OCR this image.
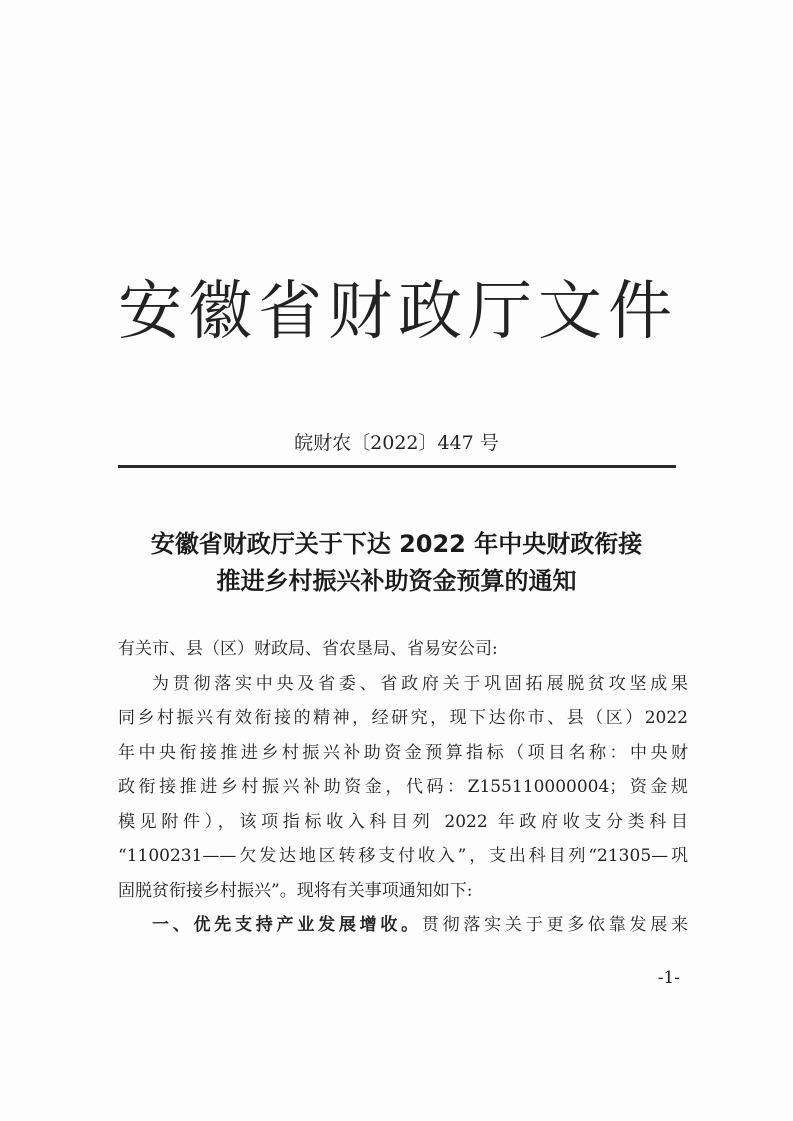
安徽省财政厅文件
皖财农〔2022〕447 号
安徽省财政厅关于下达 2022 年中央财政衔接
推进乡村振兴补助资金预算的通知

有关市、县（区）财政局、省农垦局、省易安公司:

为贯彻落实中央及省委、省政府关于巩固拓展脱贫攻坚成果

同乡村振兴有效衔接的精神，经研究，现下达你市、县（区）2022

年中央衔接推进乡村振兴补助资金预算指标（项目名称：中央财

政衔接推进乡村振兴补助资金，代码：Z155110000004；资金规

模见附件），该项指标收入科目列 2022 年政府收支分类科目

“1100231——欠发达地区转移支付收入”，支出科目列“21305—巩

固脱贫衔接乡村振兴”。现将有关事项通知如下:

一、优先支持产业发展增收。贯彻落实关于更多依靠发展来

-1-
